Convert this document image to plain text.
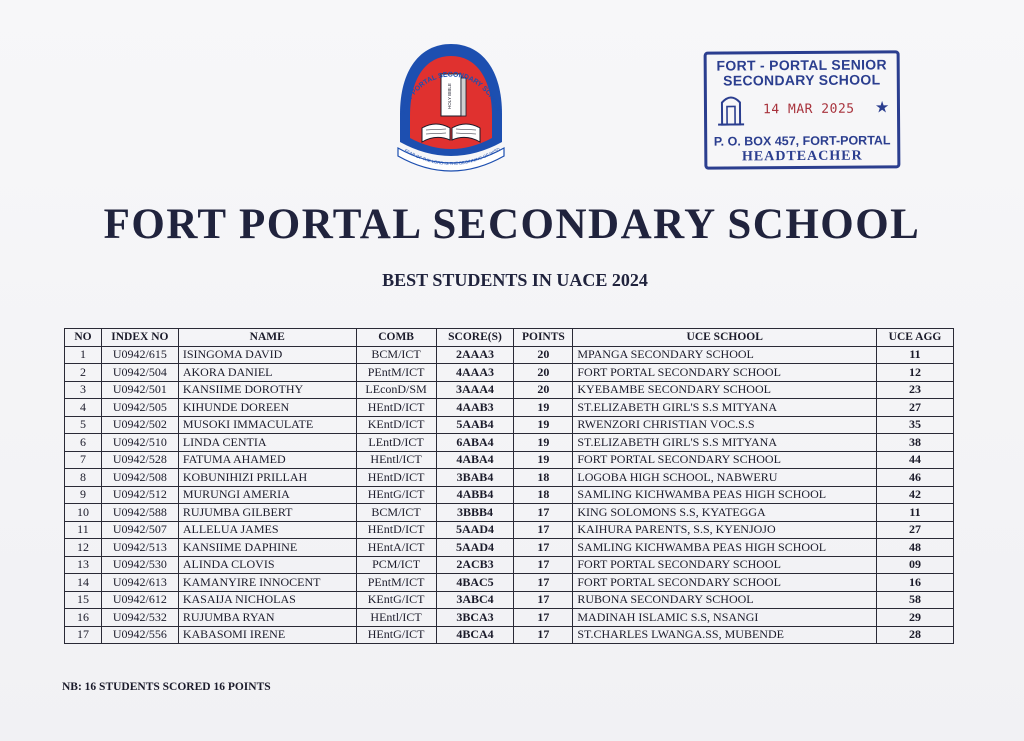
HOLY BIBLE
FORT PORTAL SECONDARY SCHOOL
FEAR OF THE LORD IS THE BEGINNING OF WISD
FORT - PORTAL SENIOR
SECONDARY SCHOOL
14 MAR 2025 ★
P. O. BOX 457, FORT-PORTAL
HEADTEACHER
FORT PORTAL SECONDARY SCHOOL
BEST STUDENTS IN UACE 2024
NO	INDEX NO	NAME	COMB	SCORE(S)	POINTS	UCE SCHOOL	UCE AGG
1	U0942/615	ISINGOMA DAVID	BCM/ICT	2AAA3	20	MPANGA SECONDARY SCHOOL	11
2	U0942/504	AKORA DANIEL	PEntM/ICT	4AAA3	20	FORT PORTAL SECONDARY SCHOOL	12
3	U0942/501	KANSIIME DOROTHY	LEconD/SM	3AAA4	20	KYEBAMBE SECONDARY SCHOOL	23
4	U0942/505	KIHUNDE DOREEN	HEntD/ICT	4AAB3	19	ST.ELIZABETH GIRL'S S.S MITYANA	27
5	U0942/502	MUSOKI IMMACULATE	KEntD/ICT	5AAB4	19	RWENZORI CHRISTIAN VOC.S.S	35
6	U0942/510	LINDA CENTIA	LEntD/ICT	6ABA4	19	ST.ELIZABETH GIRL'S S.S MITYANA	38
7	U0942/528	FATUMA AHAMED	HEntl/ICT	4ABA4	19	FORT PORTAL SECONDARY SCHOOL	44
8	U0942/508	KOBUNIHIZI PRILLAH	HEntD/ICT	3BAB4	18	LOGOBA HIGH SCHOOL, NABWERU	46
9	U0942/512	MURUNGI AMERIA	HEntG/ICT	4ABB4	18	SAMLING KICHWAMBA PEAS HIGH SCHOOL	42
10	U0942/588	RUJUMBA GILBERT	BCM/ICT	3BBB4	17	KING SOLOMONS S.S, KYATEGGA	11
11	U0942/507	ALLELUA JAMES	HEntD/ICT	5AAD4	17	KAIHURA PARENTS, S.S, KYENJOJO	27
12	U0942/513	KANSIIME DAPHINE	HEntA/ICT	5AAD4	17	SAMLING KICHWAMBA PEAS HIGH SCHOOL	48
13	U0942/530	ALINDA CLOVIS	PCM/ICT	2ACB3	17	FORT PORTAL SECONDARY SCHOOL	09
14	U0942/613	KAMANYIRE INNOCENT	PEntM/ICT	4BAC5	17	FORT PORTAL SECONDARY SCHOOL	16
15	U0942/612	KASAIJA NICHOLAS	KEntG/ICT	3ABC4	17	RUBONA SECONDARY SCHOOL	58
16	U0942/532	RUJUMBA RYAN	HEntl/ICT	3BCA3	17	MADINAH ISLAMIC S.S, NSANGI	29
17	U0942/556	KABASOMI IRENE	HEntG/ICT	4BCA4	17	ST.CHARLES LWANGA.SS, MUBENDE	28
NB: 16 STUDENTS SCORED 16 POINTS
